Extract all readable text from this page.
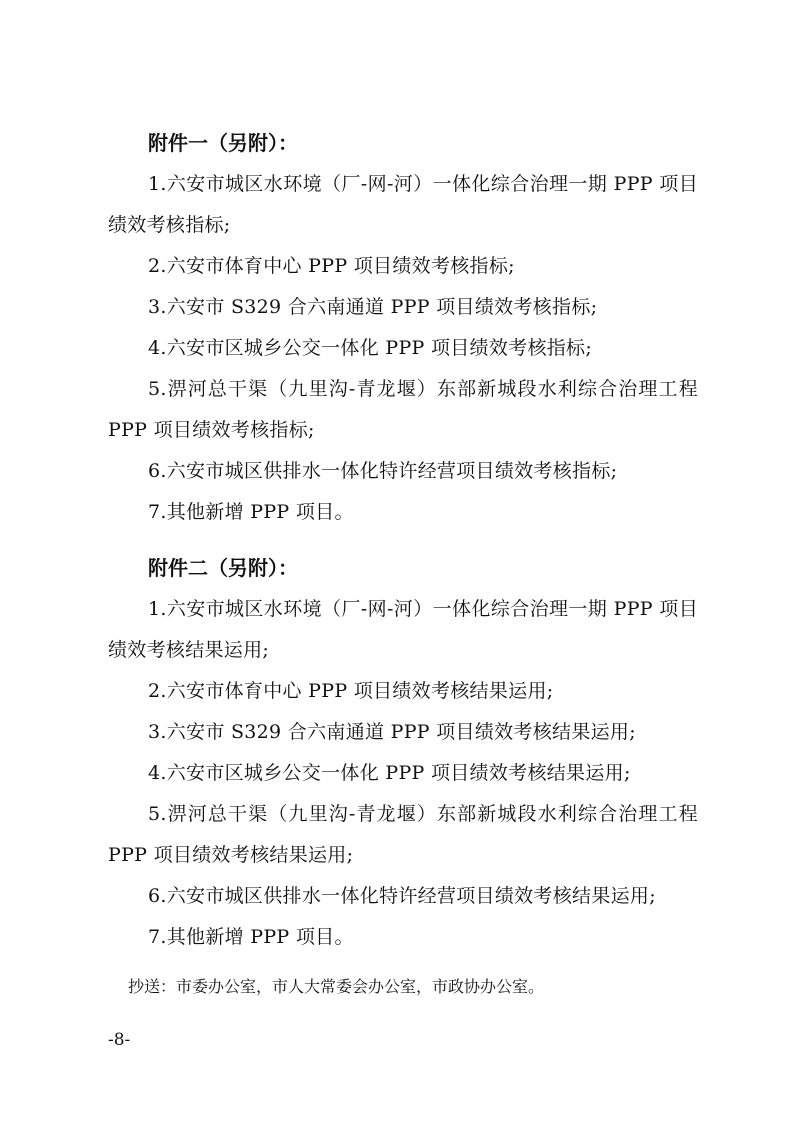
附件一（另附）：
1.六安市城区水环境（厂-网-河）一体化综合治理一期 PPP 项目绩效考核指标;
2.六安市体育中心 PPP 项目绩效考核指标;
3.六安市 S329 合六南通道 PPP 项目绩效考核指标;
4.六安市区城乡公交一体化 PPP 项目绩效考核指标;
5.淠河总干渠（九里沟-青龙堰）东部新城段水利综合治理工程 PPP 项目绩效考核指标;
6.六安市城区供排水一体化特许经营项目绩效考核指标;
7.其他新增 PPP 项目。
附件二（另附）：
1.六安市城区水环境（厂-网-河）一体化综合治理一期 PPP 项目绩效考核结果运用;
2.六安市体育中心 PPP 项目绩效考核结果运用;
3.六安市 S329 合六南通道 PPP 项目绩效考核结果运用;
4.六安市区城乡公交一体化 PPP 项目绩效考核结果运用;
5.淠河总干渠（九里沟-青龙堰）东部新城段水利综合治理工程 PPP 项目绩效考核结果运用;
6.六安市城区供排水一体化特许经营项目绩效考核结果运用;
7.其他新增 PPP 项目。
抄送：市委办公室，市人大常委会办公室，市政协办公室。
-8-
